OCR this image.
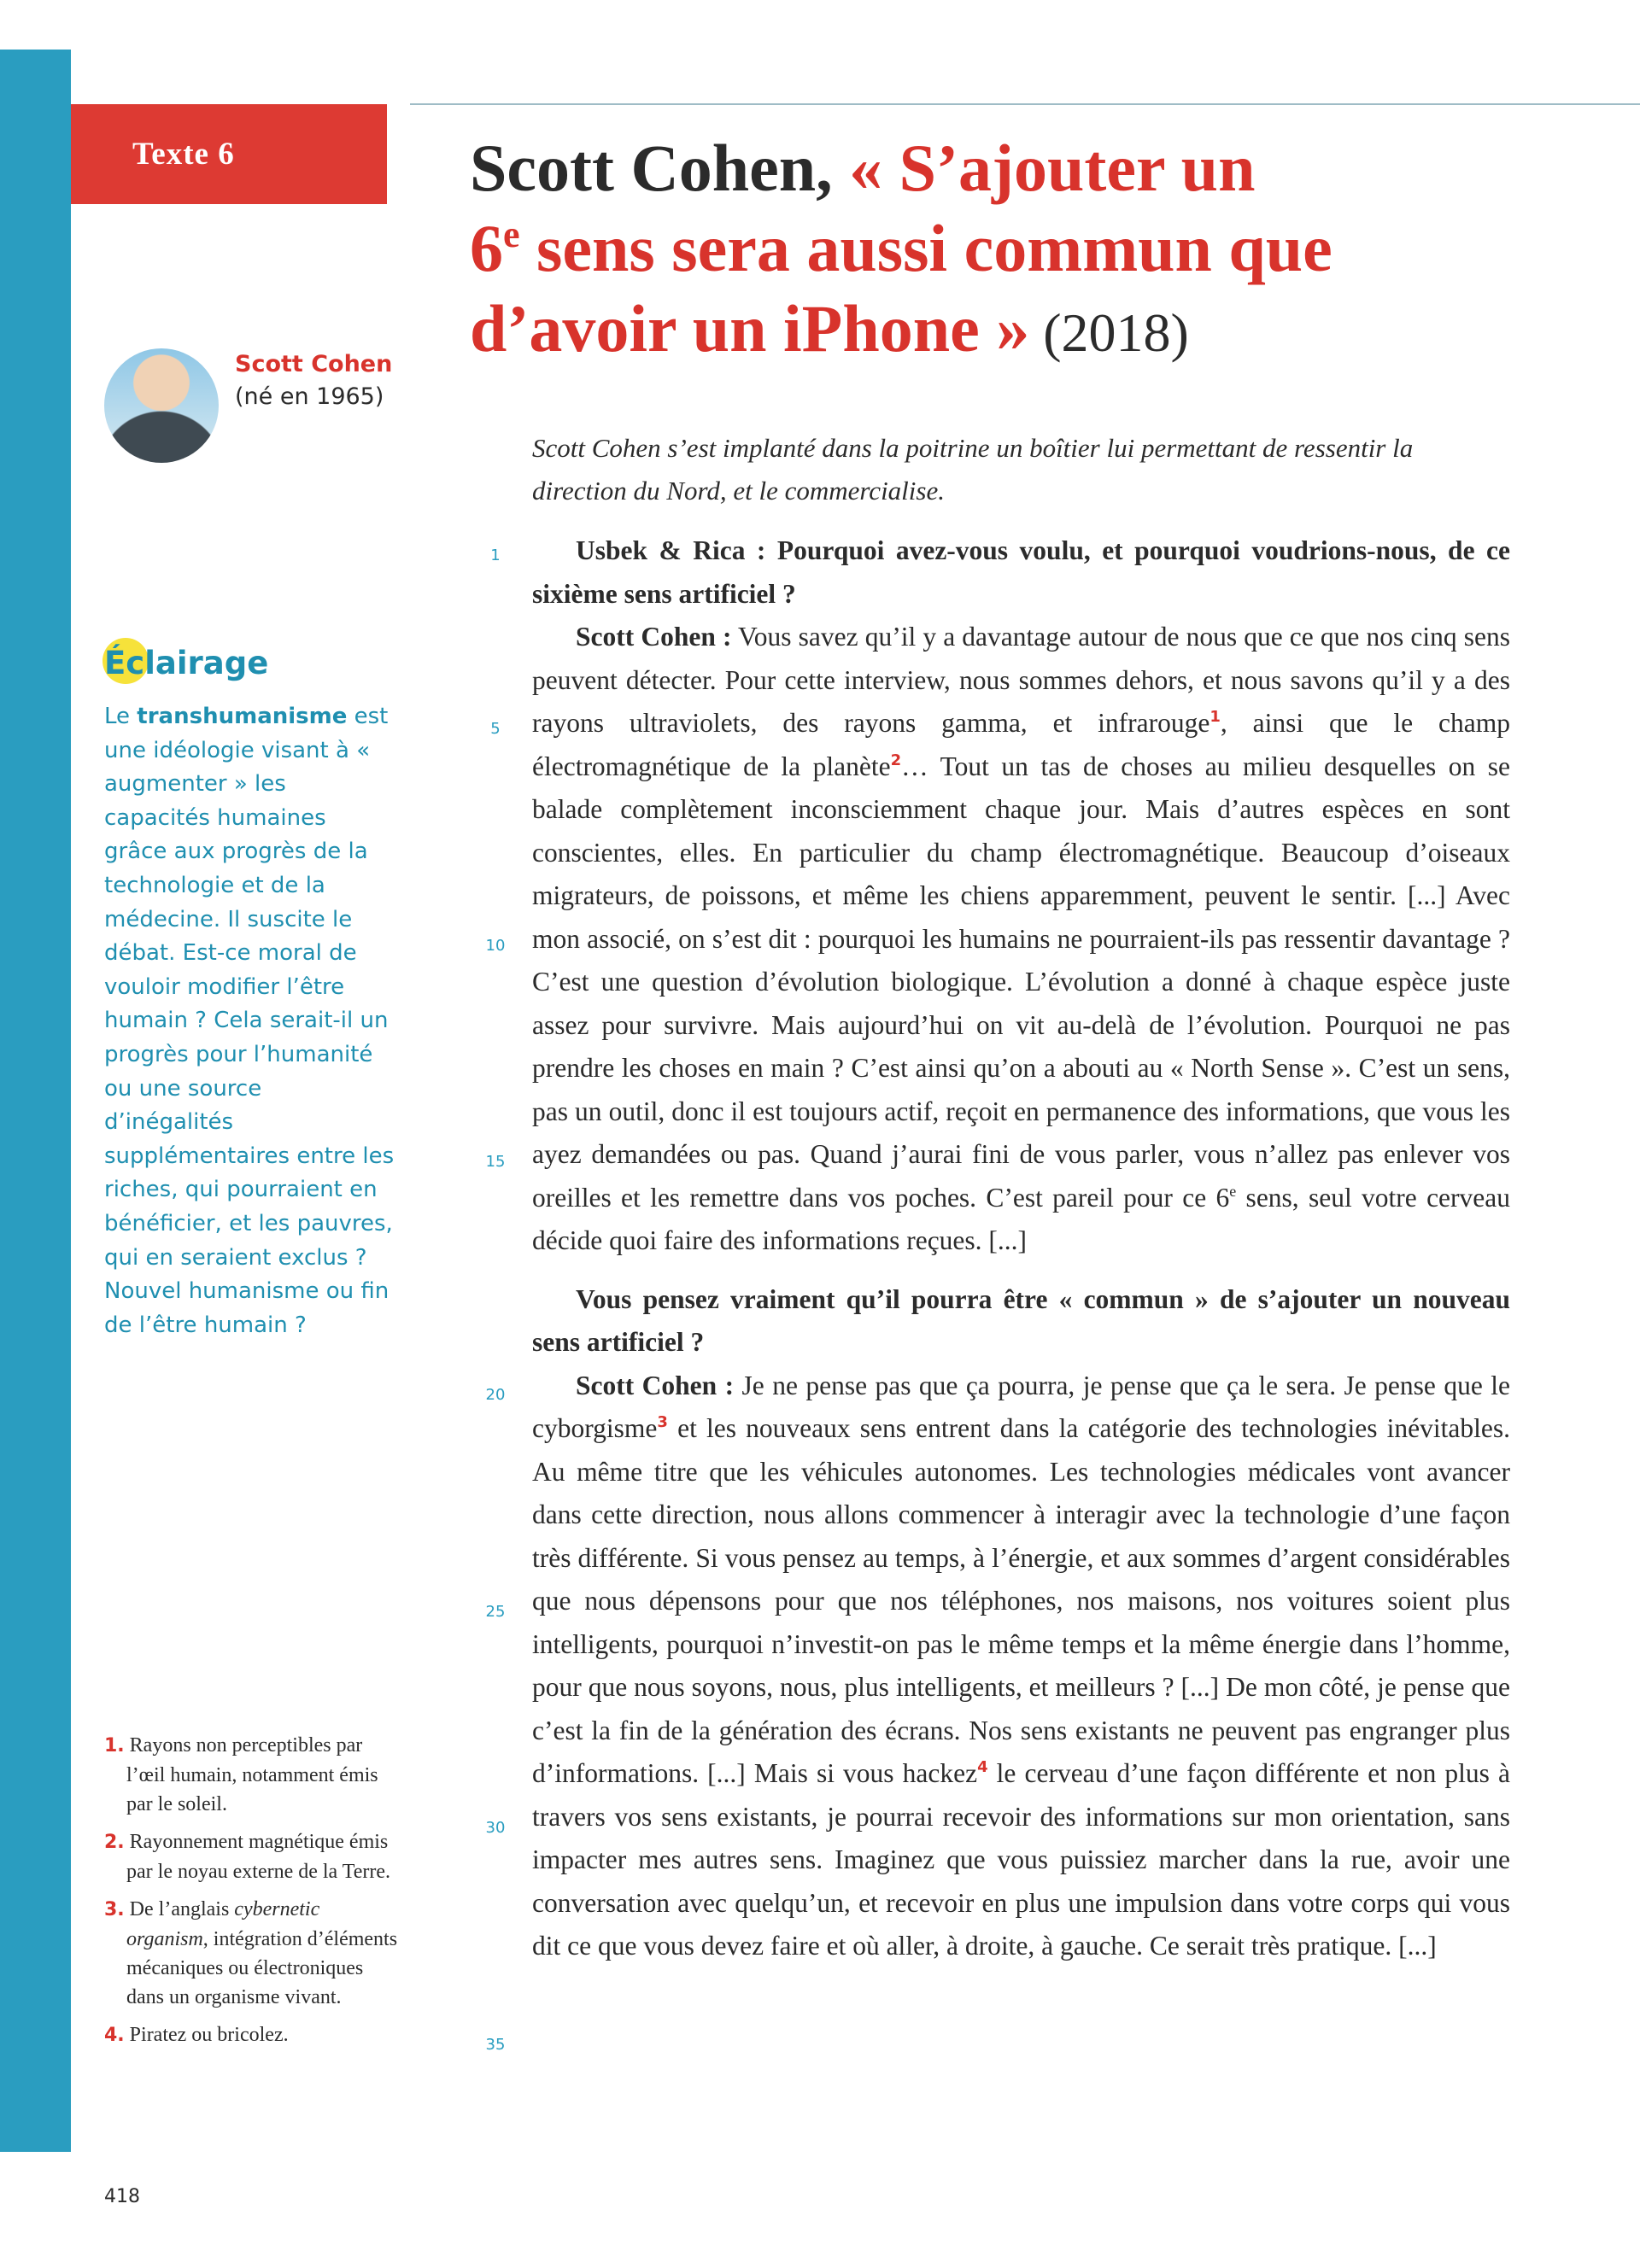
Texte 6	Scott Cohen, « S’ajouter un
6e sens sera aussi commun que
d’avoir un iPhone » (2018)
Scott Cohen
(né en 1965)
Éclairage
Le transhumanisme est une idéologie visant à « augmenter » les capacités humaines grâce aux progrès de la technologie et de la médecine. Il suscite le débat. Est-ce moral de vouloir modifier l’être humain ? Cela serait-il un progrès pour l’humanité ou une source d’inégalités supplémentaires entre les riches, qui pourraient en bénéficier, et les pauvres, qui en seraient exclus ? Nouvel humanisme ou fin de l’être humain ?

1. Rayons non perceptibles par l’œil humain, notamment émis par le soleil.

2. Rayonnement magnétique émis par le noyau externe de la Terre.

3. De l’anglais cybernetic organism, intégration d’éléments mécaniques ou électroniques dans un organisme vivant.

4. Piratez ou bricolez.

418

Scott Cohen s’est implanté dans la poitrine un boîtier lui permettant de ressentir la direction du Nord, et le commercialise.

1
5
10
15
20
25
30
35

Usbek & Rica : Pourquoi avez-vous voulu, et pourquoi voudrions-nous, de ce sixième sens artificiel ?

Scott Cohen : Vous savez qu’il y a davantage autour de nous que ce que nos cinq sens peuvent détecter. Pour cette interview, nous sommes dehors, et nous savons qu’il y a des rayons ultraviolets, des rayons gamma, et infrarouge$^1$, ainsi que le champ électromagnétique de la planète$^2$… Tout un tas de choses au milieu desquelles on se balade complètement inconsciemment chaque jour. Mais d’autres espèces en sont conscientes, elles. En particulier du champ électromagnétique. Beaucoup d’oiseaux migrateurs, de poissons, et même les chiens apparemment, peuvent le sentir. [...] Avec mon associé, on s’est dit : pourquoi les humains ne pourraient-ils pas ressentir davantage ? C’est une question d’évolution biologique. L’évolution a donné à chaque espèce juste assez pour survivre. Mais aujourd’hui on vit au-delà de l’évolution. Pourquoi ne pas prendre les choses en main ? C’est ainsi qu’on a abouti au « North Sense ». C’est un sens, pas un outil, donc il est toujours actif, reçoit en permanence des informations, que vous les ayez demandées ou pas. Quand j’aurai fini de vous parler, vous n’allez pas enlever vos oreilles et les remettre dans vos poches. C’est pareil pour ce 6e sens, seul votre cerveau décide quoi faire des informations reçues. [...]

Vous pensez vraiment qu’il pourra être « commun » de s’ajouter un nouveau sens artificiel ?

Scott Cohen : Je ne pense pas que ça pourra, je pense que ça le sera. Je pense que le cyborgisme$^3$ et les nouveaux sens entrent dans la catégorie des technologies inévitables. Au même titre que les véhicules autonomes. Les technologies médicales vont avancer dans cette direction, nous allons commencer à interagir avec la technologie d’une façon très différente. Si vous pensez au temps, à l’énergie, et aux sommes d’argent considérables que nous dépensons pour que nos téléphones, nos maisons, nos voitures soient plus intelligents, pourquoi n’investit-on pas le même temps et la même énergie dans l’homme, pour que nous soyons, nous, plus intelligents, et meilleurs ? [...] De mon côté, je pense que c’est la fin de la génération des écrans. Nos sens existants ne peuvent pas engranger plus d’informations. [...] Mais si vous hackez$^4$ le cerveau d’une façon différente et non plus à travers vos sens existants, je pourrai recevoir des informations sur mon orientation, sans impacter mes autres sens. Imaginez que vous puissiez marcher dans la rue, avoir une conversation avec quelqu’un, et recevoir en plus une impulsion dans votre corps qui vous dit ce que vous devez faire et où aller, à droite, à gauche. Ce serait très pratique. [...]
